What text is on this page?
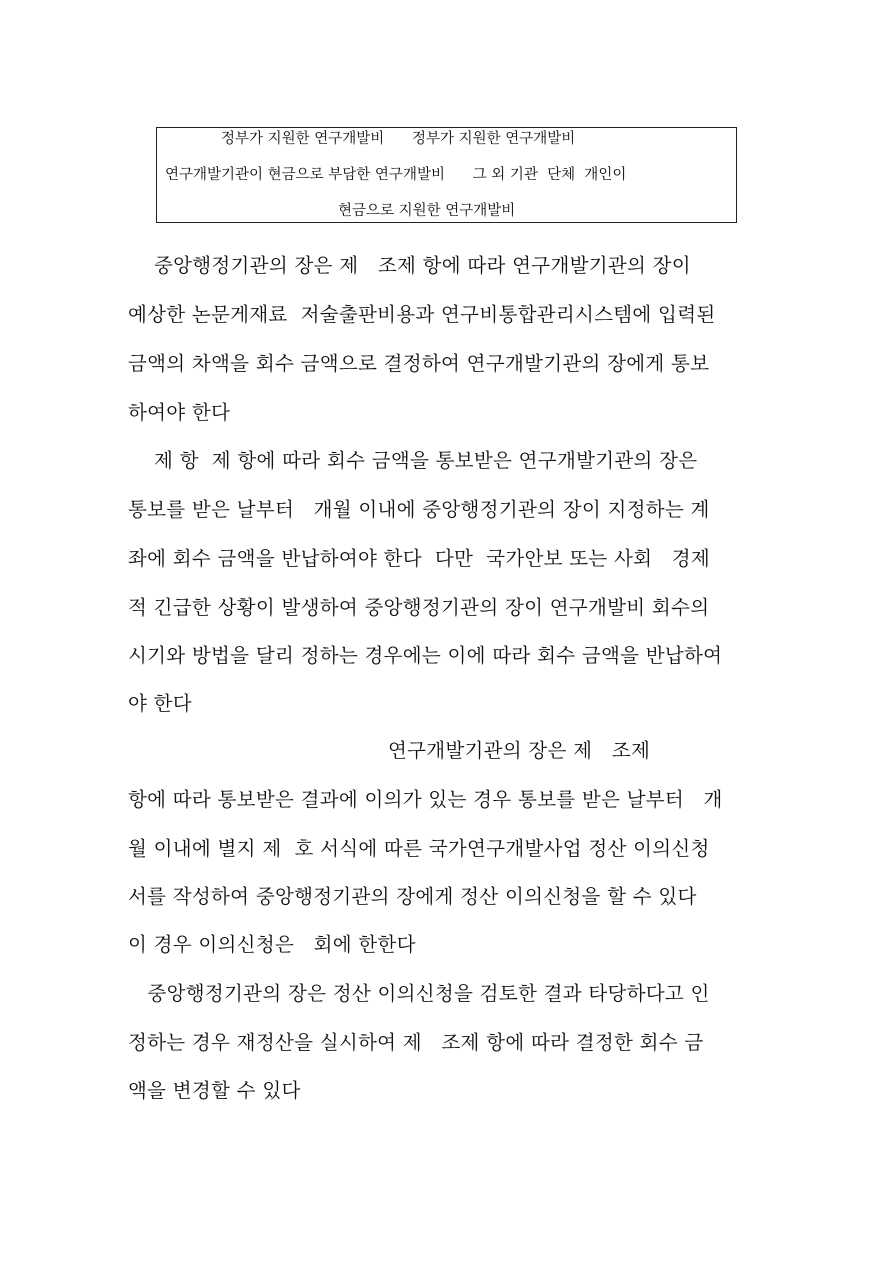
정부가 지원한 연구개발비      정부가 지원한 연구개발비
연구개발기관이 현금으로 부담한 연구개발비      그 외 기관  단체  개인이
현금으로 지원한 연구개발비
중앙행정기관의 장은 제   조제 항에 따라 연구개발기관의 장이
예상한 논문게재료  저술출판비용과 연구비통합관리시스템에 입력된
금액의 차액을 회수 금액으로 결정하여 연구개발기관의 장에게 통보
하여야 한다
제 항  제 항에 따라 회수 금액을 통보받은 연구개발기관의 장은
통보를 받은 날부터   개월 이내에 중앙행정기관의 장이 지정하는 계
좌에 회수 금액을 반납하여야 한다  다만  국가안보 또는 사회   경제
적 긴급한 상황이 발생하여 중앙행정기관의 장이 연구개발비 회수의
시기와 방법을 달리 정하는 경우에는 이에 따라 회수 금액을 반납하여
야 한다
연구개발기관의 장은 제   조제
항에 따라 통보받은 결과에 이의가 있는 경우 통보를 받은 날부터   개
월 이내에 별지 제  호 서식에 따른 국가연구개발사업 정산 이의신청
서를 작성하여 중앙행정기관의 장에게 정산 이의신청을 할 수 있다
이 경우 이의신청은   회에 한한다
중앙행정기관의 장은 정산 이의신청을 검토한 결과 타당하다고 인
정하는 경우 재정산을 실시하여 제   조제 항에 따라 결정한 회수 금
액을 변경할 수 있다
